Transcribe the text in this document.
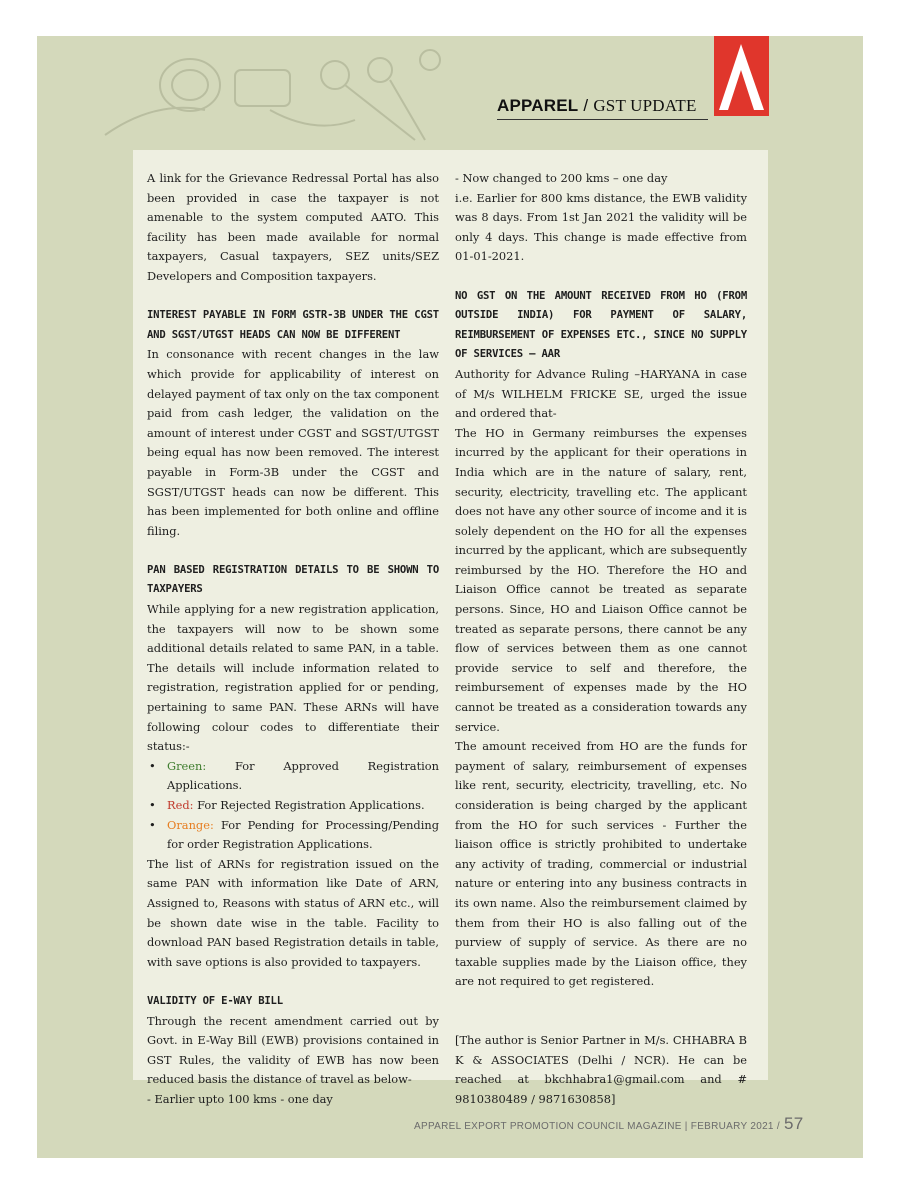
APPAREL / GST UPDATE

A link for the Grievance Redressal Portal has also been provided in case the taxpayer is not amenable to the system computed AATO. This facility has been made available for normal taxpayers, Casual taxpayers, SEZ units/SEZ Developers and Composition taxpayers.

INTEREST PAYABLE IN FORM GSTR-3B UNDER THE CGST AND SGST/UTGST HEADS CAN NOW BE DIFFERENT

In consonance with recent changes in the law which provide for applicability of interest on delayed payment of tax only on the tax component paid from cash ledger, the validation on the amount of interest under CGST and SGST/UTGST being equal has now been removed. The interest payable in Form-3B under the CGST and SGST/UTGST heads can now be different. This has been implemented for both online and offline filing.

PAN BASED REGISTRATION DETAILS TO BE SHOWN TO TAXPAYERS

While applying for a new registration application, the taxpayers will now to be shown some additional details related to same PAN, in a table. The details will include information related to registration, registration applied for or pending, pertaining to same PAN. These ARNs will have following colour codes to differentiate their status:-

• Green: For Approved Registration Applications.
• Red: For Rejected Registration Applications.
• Orange: For Pending for Processing/Pending for order Registration Applications.

The list of ARNs for registration issued on the same PAN with information like Date of ARN, Assigned to, Reasons with status of ARN etc., will be shown date wise in the table. Facility to download PAN based Registration details in table, with save options is also provided to taxpayers.

VALIDITY OF E-WAY BILL

Through the recent amendment carried out by Govt. in E-Way Bill (EWB) provisions contained in GST Rules, the validity of EWB has now been reduced basis the distance of travel as below-

- Earlier upto 100 kms - one day

- Now changed to 200 kms – one day

i.e. Earlier for 800 kms distance, the EWB validity was 8 days. From 1st Jan 2021 the validity will be only 4 days. This change is made effective from 01-01-2021.

NO GST ON THE AMOUNT RECEIVED FROM HO (FROM OUTSIDE INDIA) FOR PAYMENT OF SALARY, REIMBURSEMENT OF EXPENSES ETC., SINCE NO SUPPLY OF SERVICES – AAR

Authority for Advance Ruling –HARYANA in case of M/s WILHELM FRICKE SE, urged the issue and ordered that-

The HO in Germany reimburses the expenses incurred by the applicant for their operations in India which are in the nature of salary, rent, security, electricity, travelling etc. The applicant does not have any other source of income and it is solely dependent on the HO for all the expenses incurred by the applicant, which are subsequently reimbursed by the HO. Therefore the HO and Liaison Office cannot be treated as separate persons. Since, HO and Liaison Office cannot be treated as separate persons, there cannot be any flow of services between them as one cannot provide service to self and therefore, the reimbursement of expenses made by the HO cannot be treated as a consideration towards any service.

The amount received from HO are the funds for payment of salary, reimbursement of expenses like rent, security, electricity, travelling, etc. No consideration is being charged by the applicant from the HO for such services - Further the liaison office is strictly prohibited to undertake any activity of trading, commercial or industrial nature or entering into any business contracts in its own name. Also the reimbursement claimed by them from their HO is also falling out of the purview of supply of service. As there are no taxable supplies made by the Liaison office, they are not required to get registered.

[The author is Senior Partner in M/s. CHHABRA B K & ASSOCIATES (Delhi / NCR). He can be reached at bkchhabra1@gmail.com and # 9810380489 / 9871630858]

APPAREL EXPORT PROMOTION COUNCIL MAGAZINE | FEBRUARY 2021 / 57
